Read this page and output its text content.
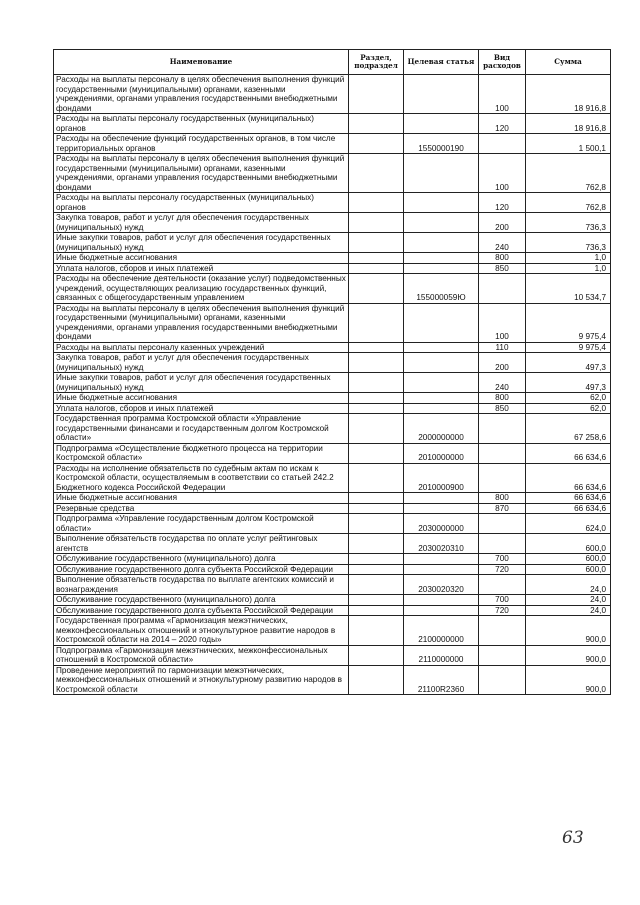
Наименование	Раздел, подраздел	Целевая статья	Вид расходов	Сумма
Расходы на выплаты персоналу в целях обеспечения выполнения функций государственными (муниципальными) органами, казенными учреждениями, органами управления государственными внебюджетными фондами			100	18 916,8
Расходы на выплаты персоналу государственных (муниципальных) органов			120	18 916,8
Расходы на обеспечение функций государственных органов, в том числе территориальных органов		1550000190		1 500,1
Расходы на выплаты персоналу в целях обеспечения выполнения функций государственными (муниципальными) органами, казенными учреждениями, органами управления государственными внебюджетными фондами			100	762,8
Расходы на выплаты персоналу государственных (муниципальных) органов			120	762,8
Закупка товаров, работ и услуг для обеспечения государственных (муниципальных) нужд			200	736,3
Иные закупки товаров, работ и услуг для обеспечения государственных (муниципальных) нужд			240	736,3
Иные бюджетные ассигнования			800	1,0
Уплата налогов, сборов и иных платежей			850	1,0
Расходы на обеспечение деятельности (оказание услуг) подведомственных учреждений, осуществляющих реализацию государственных функций, связанных с общегосударственным управлением		155000059Ю		10 534,7
Расходы на выплаты персоналу в целях обеспечения выполнения функций государственными (муниципальными) органами, казенными учреждениями, органами управления государственными внебюджетными фондами			100	9 975,4
Расходы на выплаты персоналу казенных учреждений			110	9 975,4
Закупка товаров, работ и услуг для обеспечения государственных (муниципальных) нужд			200	497,3
Иные закупки товаров, работ и услуг для обеспечения государственных (муниципальных) нужд			240	497,3
Иные бюджетные ассигнования			800	62,0
Уплата налогов, сборов и иных платежей			850	62,0
Государственная программа Костромской области «Управление государственными финансами и государственным долгом Костромской области»		2000000000		67 258,6
Подпрограмма «Осуществление бюджетного процесса на территории Костромской области»		2010000000		66 634,6
Расходы на исполнение обязательств по судебным актам по искам к Костромской области, осуществляемым в соответствии со статьей 242.2 Бюджетного кодекса Российской Федерации		2010000900		66 634,6
Иные бюджетные ассигнования			800	66 634,6
Резервные средства			870	66 634,6
Подпрограмма «Управление государственным долгом Костромской области»		2030000000		624,0
Выполнение обязательств государства по оплате услуг рейтинговых агентств		2030020310		600,0
Обслуживание государственного (муниципального) долга			700	600,0
Обслуживание государственного долга субъекта Российской Федерации			720	600,0
Выполнение обязательств государства по выплате агентских комиссий и вознаграждения		2030020320		24,0
Обслуживание государственного (муниципального) долга			700	24,0
Обслуживание государственного долга субъекта Российской Федерации			720	24,0
Государственная программа «Гармонизация межэтнических, межконфессиональных отношений и этнокультурное развитие народов в Костромской области на 2014 – 2020 годы»		2100000000		900,0
Подпрограмма «Гармонизация межэтнических, межконфессиональных отношений в Костромской области»		2110000000		900,0
Проведение мероприятий по гармонизации межэтнических, межконфессиональных отношений и этнокультурному развитию народов в Костромской области		21100R2360		900,0
63
